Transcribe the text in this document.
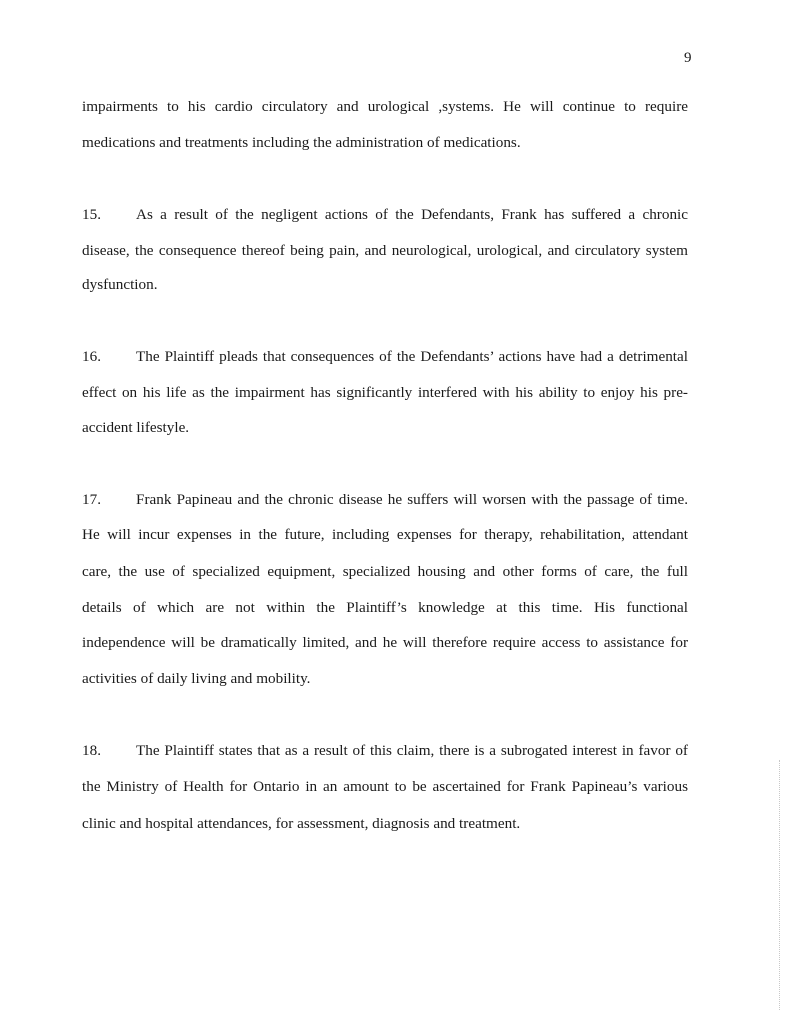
9
impairments to his cardio circulatory and urological ,systems. He will continue to require
medications and treatments including the administration of medications.
15. As a result of the negligent actions of the Defendants, Frank has suffered a chronic
disease, the consequence thereof being pain, and neurological, urological, and circulatory system
dysfunction.
16. The Plaintiff pleads that consequences of the Defendants’ actions have had a detrimental
effect on his life as the impairment has significantly interfered with his ability to enjoy his pre-
accident lifestyle.
17. Frank Papineau and the chronic disease he suffers will worsen with the passage of time.
He will incur expenses in the future, including expenses for therapy, rehabilitation, attendant
care, the use of specialized equipment, specialized housing and other forms of care, the full
details of which are not within the Plaintiff’s knowledge at this time. His functional
independence will be dramatically limited, and he will therefore require access to assistance for
activities of daily living and mobility.
18. The Plaintiff states that as a result of this claim, there is a subrogated interest in favor of
the Ministry of Health for Ontario in an amount to be ascertained for Frank Papineau’s various
clinic and hospital attendances, for assessment, diagnosis and treatment.
